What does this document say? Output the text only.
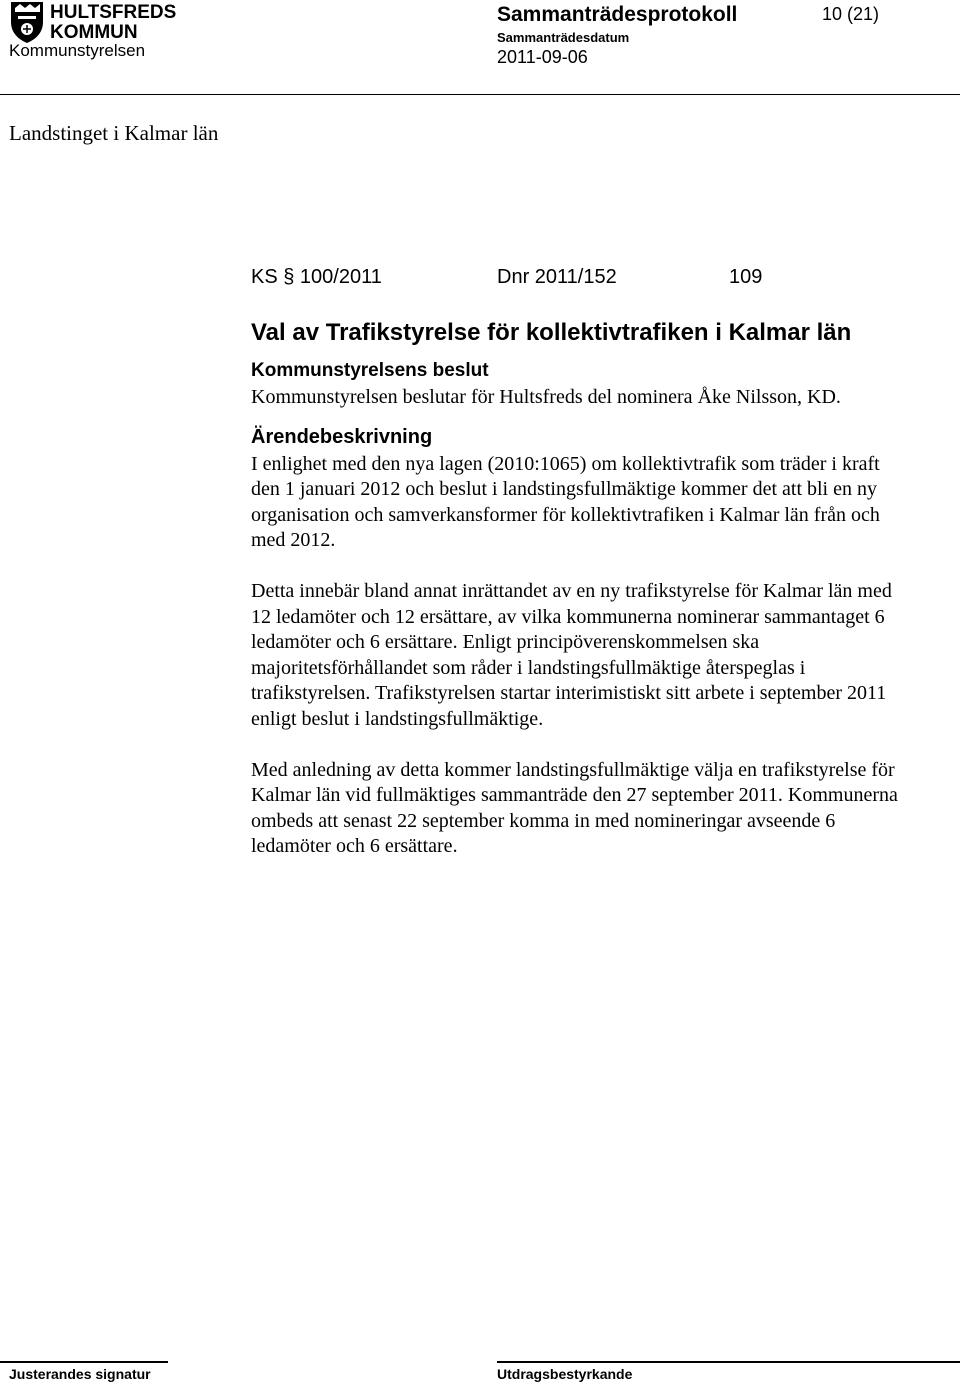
HULTSFREDS
KOMMUN
Kommunstyrelsen
Sammanträdesprotokoll
Sammanträdesdatum
2011-09-06
10 (21)
Landstinget i Kalmar län
KS § 100/2011	Dnr 2011/152	109
Val av Trafikstyrelse för kollektivtrafiken i Kalmar län
Kommunstyrelsens beslut

Kommunstyrelsen beslutar för Hultsfreds del nominera Åke Nilsson, KD.

Ärendebeskrivning

I enlighet med den nya lagen (2010:1065) om kollektivtrafik som träder i kraft den 1 januari 2012 och beslut i landstingsfullmäktige kommer det att bli en ny organisation och samverkansformer för kollektivtrafiken i Kalmar län från och med 2012.

Detta innebär bland annat inrättandet av en ny trafikstyrelse för Kalmar län med 12 ledamöter och 12 ersättare, av vilka kommunerna nominerar sammantaget 6 ledamöter och 6 ersättare. Enligt principöverenskommelsen ska majoritetsförhållandet som råder i landstingsfullmäktige återspeglas i trafikstyrelsen. Trafikstyrelsen startar interimistiskt sitt arbete i september 2011 enligt beslut i landstingsfullmäktige.

Med anledning av detta kommer landstingsfullmäktige välja en trafikstyrelse för Kalmar län vid fullmäktiges sammanträde den 27 september 2011. Kommunerna ombeds att senast 22 september komma in med nomineringar avseende 6 ledamöter och 6 ersättare.

Justerandes signatur	Utdragsbestyrkande
